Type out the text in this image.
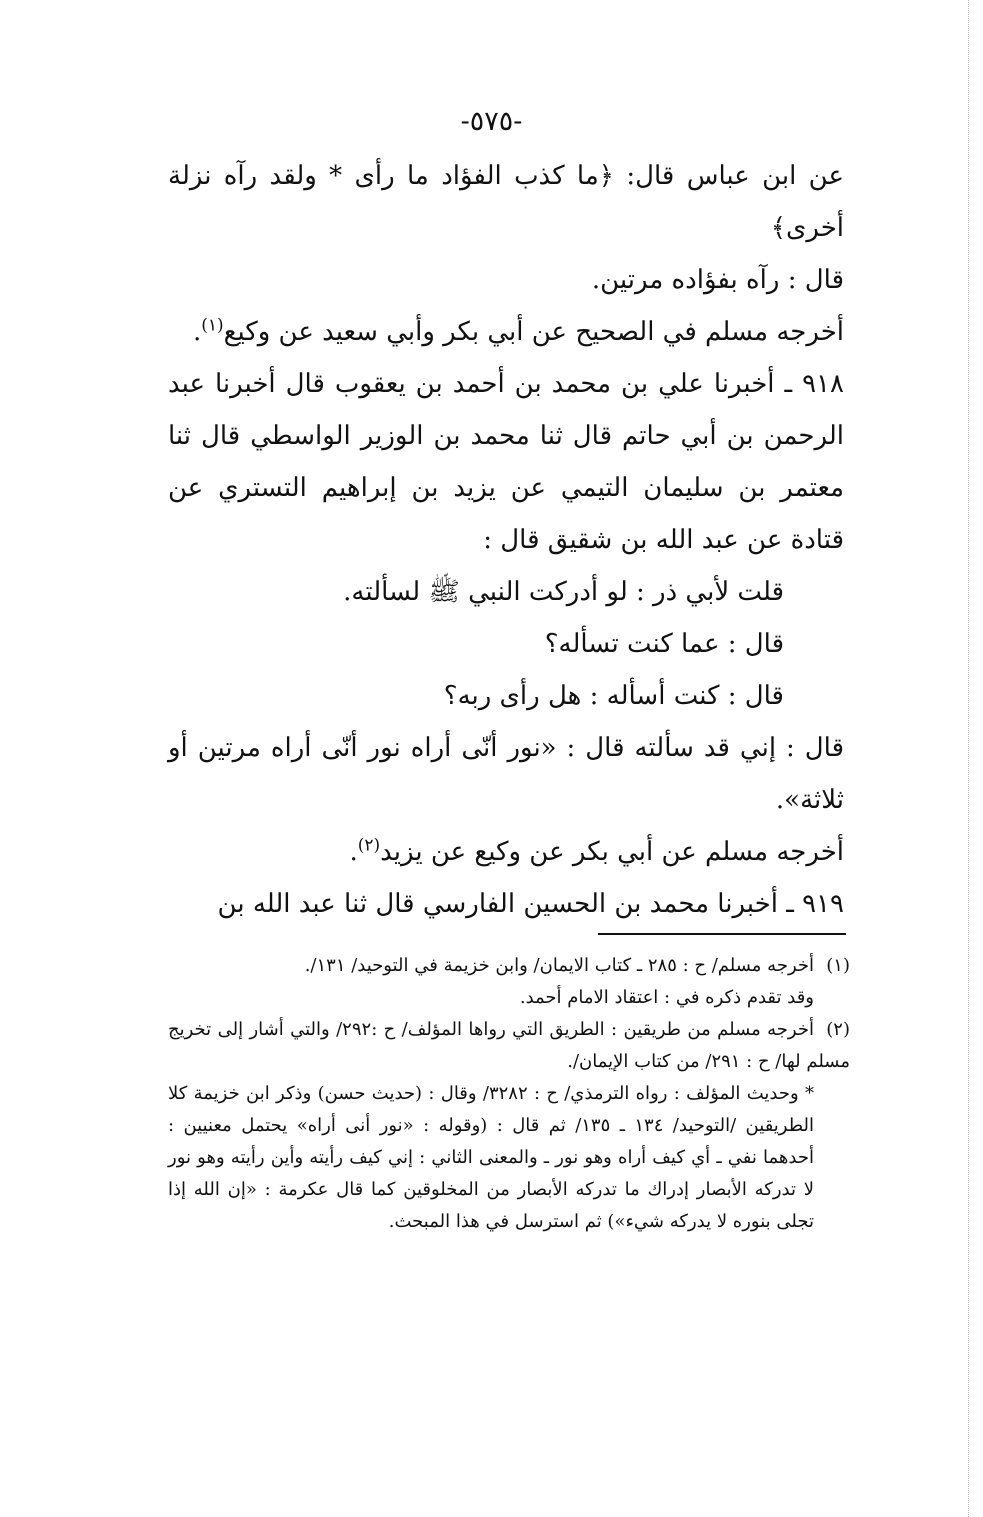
-٥٧٥-

عن ابن عباس قال: ﴿ما كذب الفؤاد ما رأى * ولقد رآه نزلة أخرى﴾

قال : رآه بفؤاده مرتين.

أخرجه مسلم في الصحيح عن أبي بكر وأبي سعيد عن وكيع$^{(١)}$.

٩١٨ ـ أخبرنا علي بن محمد بن أحمد بن يعقوب قال أخبرنا عبد الرحمن بن أبي حاتم قال ثنا محمد بن الوزير الواسطي قال ثنا معتمر بن سليمان التيمي عن يزيد بن إبراهيم التستري عن قتادة عن عبد الله بن شقيق قال :

قلت لأبي ذر : لو أدركت النبي ﷺ لسألته.

قال : عما كنت تسأله؟

قال : كنت أسأله : هل رأى ربه؟

قال : إني قد سألته قال : «نور أنّى أراه نور أنّى أراه مرتين أو ثلاثة».

أخرجه مسلم عن أبي بكر عن وكيع عن يزيد$^{(٢)}$.

٩١٩ ـ أخبرنا محمد بن الحسين الفارسي قال ثنا عبد الله بن

(١)أخرجه مسلم/ ح : ٢٨٥ ـ كتاب الايمان/ وابن خزيمة في التوحيد/ ١٣١/.

وقد تقدم ذكره في : اعتقاد الامام أحمد.

(٢)أخرجه مسلم من طريقين : الطريق التي رواها المؤلف/ ح :٢٩٢/ والتي أشار إلى تخريج مسلم لها/ ح : ٢٩١/ من كتاب الإيمان/.

* وحديث المؤلف : رواه الترمذي/ ح : ٣٢٨٢/ وقال : (حديث حسن) وذكر ابن خزيمة كلا الطريقين /التوحيد/ ١٣٤ ـ ١٣٥/ ثم قال : (وقوله : «نور أنى أراه» يحتمل معنيين : أحدهما نفي ـ أي كيف أراه وهو نور ـ والمعنى الثاني : إني كيف رأيته وأين رأيته وهو نور لا تدركه الأبصار إدراك ما تدركه الأبصار من المخلوقين كما قال عكرمة : «إن الله إذا تجلى بنوره لا يدركه شيء») ثم استرسل في هذا المبحث.
